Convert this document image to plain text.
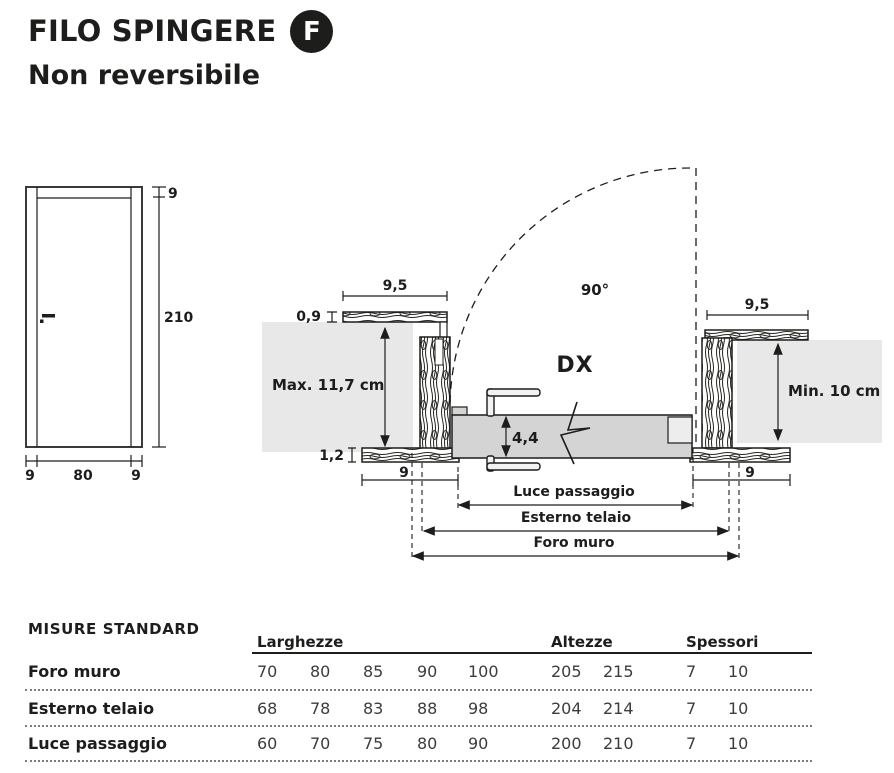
FILO SPINGERE F
Non reversibile
9
210
9	80	9
9,5
0,9
Max. 11,7 cm
1,2
9
4,4
90°
DX
9,5
Min. 10 cm
9
Luce passaggio
Esterno telaio
Foro muro
MISURE STANDARD
Larghezze	Altezze	Spessori
Foro muro	70	80	85	90	100	205	215	7	10
Esterno telaio	68	78	83	88	98	204	214	7	10
Luce passaggio	60	70	75	80	90	200	210	7	10
